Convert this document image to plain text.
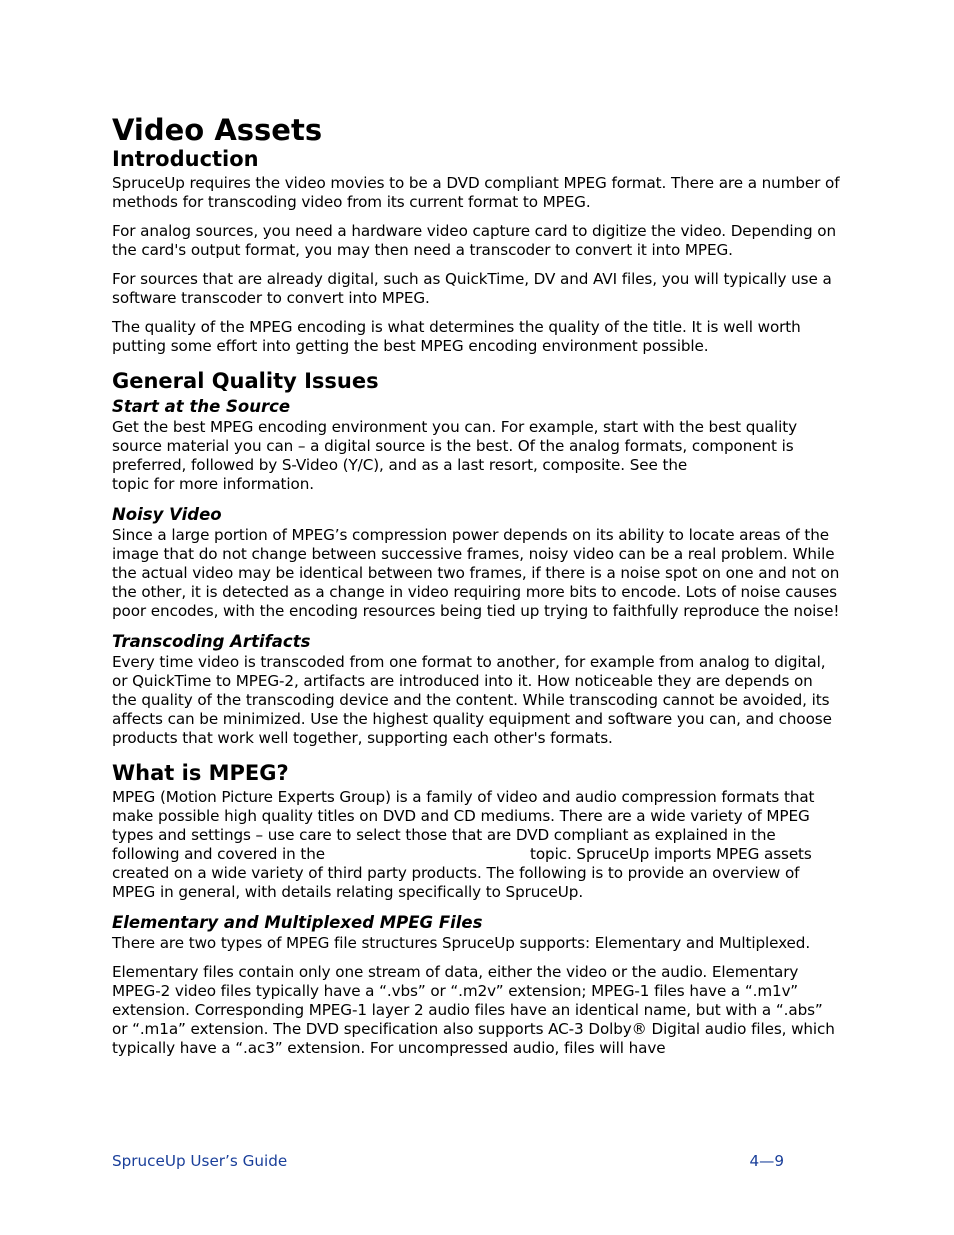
Video Assets
Introduction

SpruceUp requires the video movies to be a DVD compliant MPEG format. There are a number of methods for transcoding video from its current format to MPEG.

For analog sources, you need a hardware video capture card to digitize the video. Depending on the card's output format, you may then need a transcoder to convert it into MPEG.

For sources that are already digital, such as QuickTime, DV and AVI files, you will typically use a software transcoder to convert into MPEG.

The quality of the MPEG encoding is what determines the quality of the title. It is well worth putting some effort into getting the best MPEG encoding environment possible.

General Quality Issues
Start at the Source

Get the best MPEG encoding environment you can. For example, start with the best quality source material you can – a digital source is the best. Of the analog formats, component is preferred, followed by S-Video (Y/C), and as a last resort, composite. See the
topic for more information.

Noisy Video

Since a large portion of MPEG’s compression power depends on its ability to locate areas of the image that do not change between successive frames, noisy video can be a real problem. While the actual video may be identical between two frames, if there is a noise spot on one and not on the other, it is detected as a change in video requiring more bits to encode. Lots of noise causes poor encodes, with the encoding resources being tied up trying to faithfully reproduce the noise!

Transcoding Artifacts

Every time video is transcoded from one format to another, for example from analog to digital, or QuickTime to MPEG-2, artifacts are introduced into it. How noticeable they are depends on the quality of the transcoding device and the content. While transcoding cannot be avoided, its affects can be minimized. Use the highest quality equipment and software you can, and choose products that work well together, supporting each other's formats.

What is MPEG?

MPEG (Motion Picture Experts Group) is a family of video and audio compression formats that make possible high quality titles on DVD and CD mediums. There are a wide variety of MPEG types and settings – use care to select those that are DVD compliant as explained in the following and covered in the	topic. SpruceUp imports MPEG assets created on a wide variety of third party products. The following is to provide an overview of MPEG in general, with details relating specifically to SpruceUp.

Elementary and Multiplexed MPEG Files

There are two types of MPEG file structures SpruceUp supports: Elementary and Multiplexed.

Elementary files contain only one stream of data, either the video or the audio. Elementary MPEG-2 video files typically have a “.vbs” or “.m2v” extension; MPEG-1 files have a “.m1v” extension. Corresponding MPEG-1 layer 2 audio files have an identical name, but with a “.abs” or “.m1a” extension. The DVD specification also supports AC-3 Dolby® Digital audio files, which typically have a “.ac3” extension. For uncompressed audio, files will have

SpruceUp User’s Guide	4—9
